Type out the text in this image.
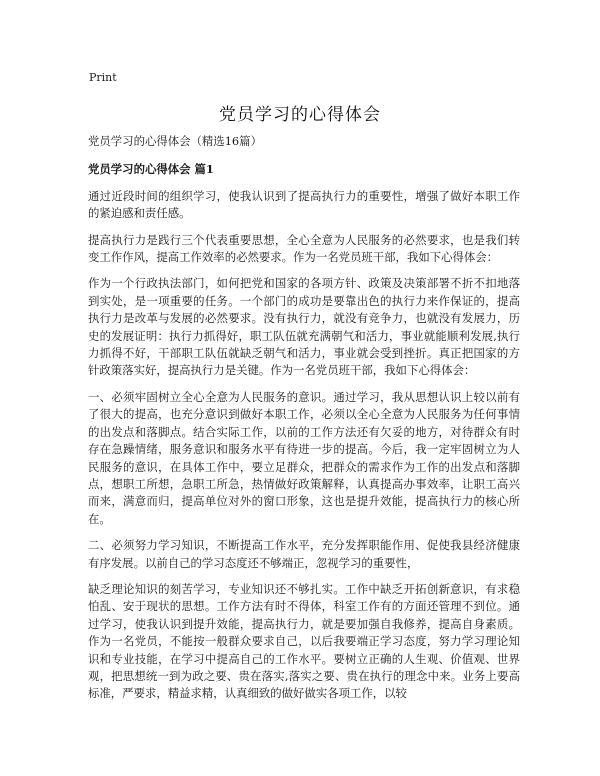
Print
党员学习的心得体会

党员学习的心得体会（精选16篇）

党员学习的心得体会 篇1

通过近段时间的组织学习，使我认识到了提高执行力的重要性，增强了做好本职工作的紧迫感和责任感。

提高执行力是践行三个代表重要思想，全心全意为人民服务的必然要求，也是我们转变工作作风，提高工作效率的必然要求。作为一名党员班干部，我如下心得体会：

作为一个行政执法部门，如何把党和国家的各项方针、政策及决策部署不折不扣地落到实处，是一项重要的任务。一个部门的成功是要靠出色的执行力来作保证的，提高执行力是改革与发展的必然要求。没有执行力，就没有竞争力，也就没有发展力，历史的发展证明：执行力抓得好，职工队伍就充满朝气和活力，事业就能顺利发展,执行力抓得不好，干部职工队伍就缺乏朝气和活力，事业就会受到挫折。真正把国家的方针政策落实好，提高执行力是关键。作为一名党员班干部，我如下心得体会：

一、必须牢固树立全心全意为人民服务的意识。通过学习，我从思想认识上较以前有了很大的提高，也充分意识到做好本职工作，必须以全心全意为人民服务为任何事情的出发点和落脚点。结合实际工作，以前的工作方法还有欠妥的地方，对待群众有时存在急躁情绪，服务意识和服务水平有待进一步的提高。今后，我一定牢固树立为人民服务的意识，在具体工作中，要立足群众，把群众的需求作为工作的出发点和落脚点，想职工所想，急职工所急，热情做好政策解释，认真提高办事效率，让职工高兴而来，满意而归，提高单位对外的窗口形象，这也是提升效能，提高执行力的核心所在。

二、必须努力学习知识，不断提高工作水平，充分发挥职能作用、促使我县经济健康有序发展。以前自己的学习态度还不够端正，忽视学习的重要性，

缺乏理论知识的刻苦学习，专业知识还不够扎实。工作中缺乏开拓创新意识，有求稳怕乱、安于现状的思想。工作方法有时不得体，科室工作有的方面还管理不到位。通过学习，使我认识到提升效能，提高执行力，就是要加强自我修养，提高自身素质。作为一名党员，不能按一般群众要求自己，以后我要端正学习态度，努力学习理论知识和专业技能，在学习中提高自己的工作水平。要树立正确的人生观、价值观、世界观，把思想统一到为政之要、贵在落实,落实之要、贵在执行的理念中来。业务上要高标准，严要求，精益求精，认真细致的做好做实各项工作，以较
